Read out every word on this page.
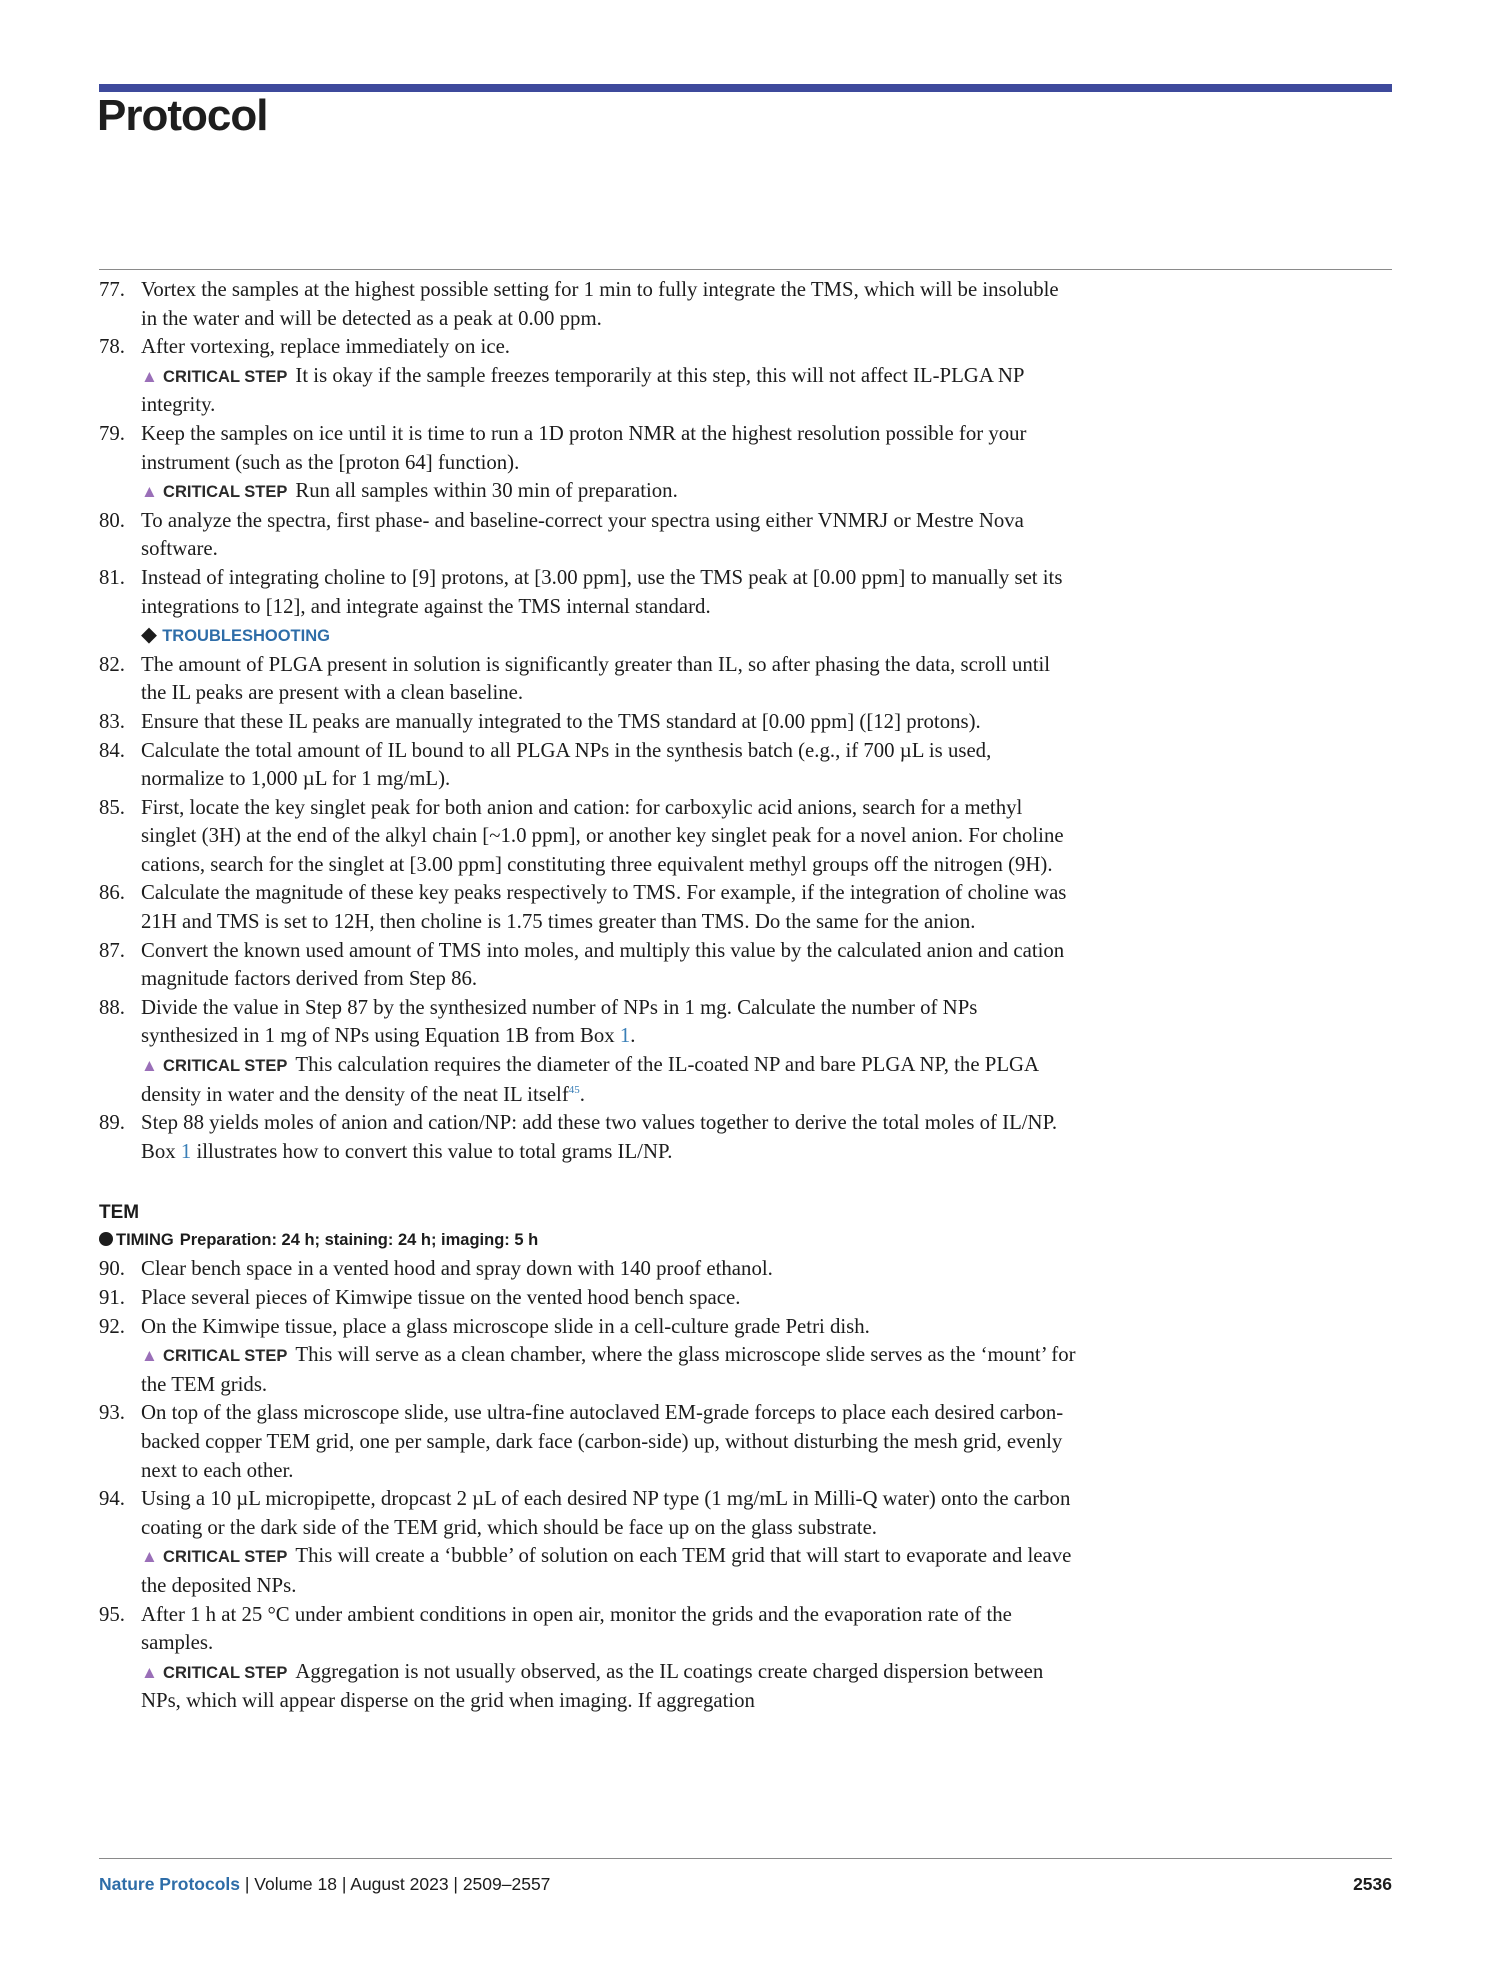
Protocol
77. Vortex the samples at the highest possible setting for 1 min to fully integrate the TMS, which will be insoluble in the water and will be detected as a peak at 0.00 ppm.
78. After vortexing, replace immediately on ice.
▲ CRITICAL STEP It is okay if the sample freezes temporarily at this step, this will not affect IL-PLGA NP integrity.
79. Keep the samples on ice until it is time to run a 1D proton NMR at the highest resolution possible for your instrument (such as the [proton 64] function).
▲ CRITICAL STEP Run all samples within 30 min of preparation.
80. To analyze the spectra, first phase- and baseline-correct your spectra using either VNMRJ or Mestre Nova software.
81. Instead of integrating choline to [9] protons, at [3.00 ppm], use the TMS peak at [0.00 ppm] to manually set its integrations to [12], and integrate against the TMS internal standard.
◆ TROUBLESHOOTING
82. The amount of PLGA present in solution is significantly greater than IL, so after phasing the data, scroll until the IL peaks are present with a clean baseline.
83. Ensure that these IL peaks are manually integrated to the TMS standard at [0.00 ppm] ([12] protons).
84. Calculate the total amount of IL bound to all PLGA NPs in the synthesis batch (e.g., if 700 µL is used, normalize to 1,000 µL for 1 mg/mL).
85. First, locate the key singlet peak for both anion and cation: for carboxylic acid anions, search for a methyl singlet (3H) at the end of the alkyl chain [~1.0 ppm], or another key singlet peak for a novel anion. For choline cations, search for the singlet at [3.00 ppm] constituting three equivalent methyl groups off the nitrogen (9H).
86. Calculate the magnitude of these key peaks respectively to TMS. For example, if the integration of choline was 21H and TMS is set to 12H, then choline is 1.75 times greater than TMS. Do the same for the anion.
87. Convert the known used amount of TMS into moles, and multiply this value by the calculated anion and cation magnitude factors derived from Step 86.
88. Divide the value in Step 87 by the synthesized number of NPs in 1 mg. Calculate the number of NPs synthesized in 1 mg of NPs using Equation 1B from Box 1.
▲ CRITICAL STEP This calculation requires the diameter of the IL-coated NP and bare PLGA NP, the PLGA density in water and the density of the neat IL itself$^{45}$.
89. Step 88 yields moles of anion and cation/NP: add these two values together to derive the total moles of IL/NP. Box 1 illustrates how to convert this value to total grams IL/NP.
TEM
TIMING Preparation: 24 h; staining: 24 h; imaging: 5 h
90. Clear bench space in a vented hood and spray down with 140 proof ethanol.
91. Place several pieces of Kimwipe tissue on the vented hood bench space.
92. On the Kimwipe tissue, place a glass microscope slide in a cell-culture grade Petri dish.
▲ CRITICAL STEP This will serve as a clean chamber, where the glass microscope slide serves as the ‘mount’ for the TEM grids.
93. On top of the glass microscope slide, use ultra-fine autoclaved EM-grade forceps to place each desired carbon-backed copper TEM grid, one per sample, dark face (carbon-side) up, without disturbing the mesh grid, evenly next to each other.
94. Using a 10 µL micropipette, dropcast 2 µL of each desired NP type (1 mg/mL in Milli-Q water) onto the carbon coating or the dark side of the TEM grid, which should be face up on the glass substrate.
▲ CRITICAL STEP This will create a ‘bubble’ of solution on each TEM grid that will start to evaporate and leave the deposited NPs.
95. After 1 h at 25 °C under ambient conditions in open air, monitor the grids and the evaporation rate of the samples.
▲ CRITICAL STEP Aggregation is not usually observed, as the IL coatings create charged dispersion between NPs, which will appear disperse on the grid when imaging. If aggregation
Nature Protocols | Volume 18 | August 2023 | 2509–2557	2536
